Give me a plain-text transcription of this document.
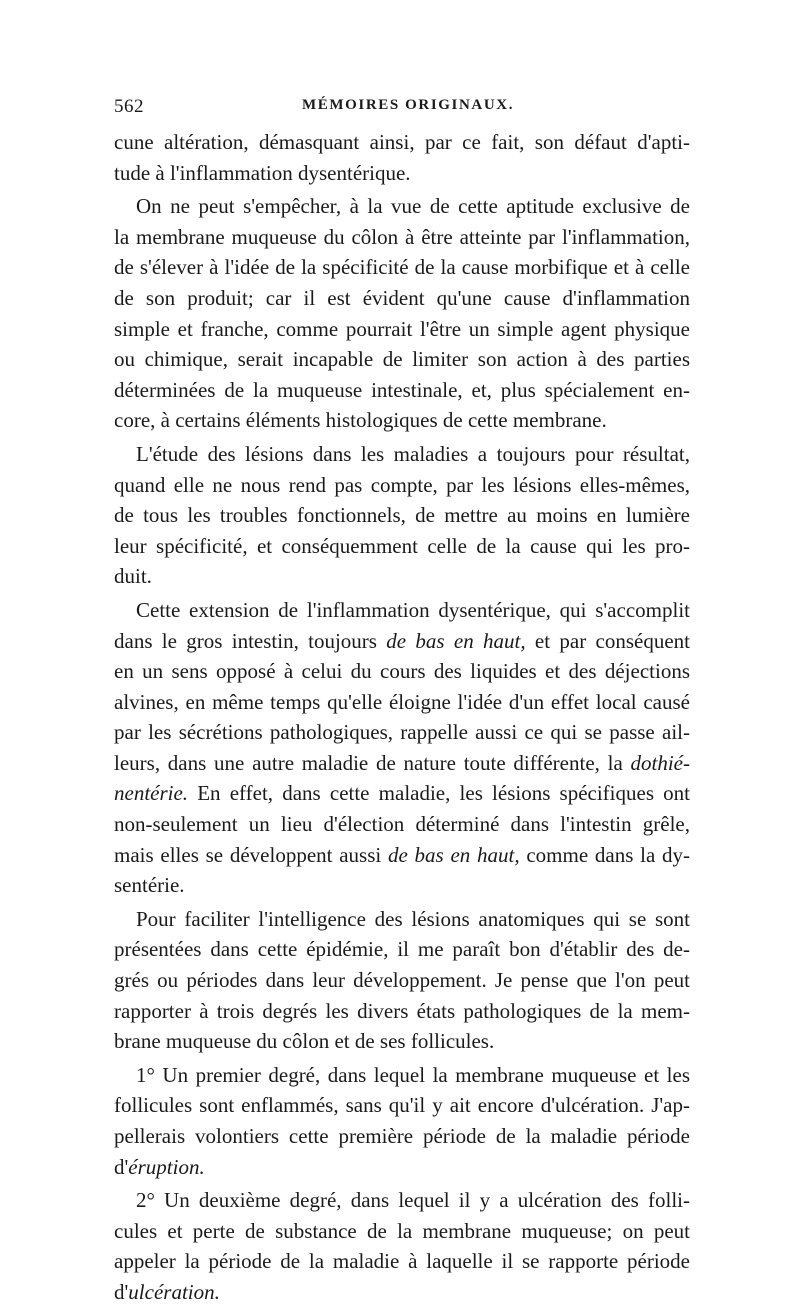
562	MÉMOIRES ORIGINAUX.
cune altération, démasquant ainsi, par ce fait, son défaut d'apti-
tude à l'inflammation dysentérique.
On ne peut s'empêcher, à la vue de cette aptitude exclusive de
la membrane muqueuse du côlon à être atteinte par l'inflammation,
de s'élever à l'idée de la spécificité de la cause morbifique et à celle
de son produit; car il est évident qu'une cause d'inflammation
simple et franche, comme pourrait l'être un simple agent physique
ou chimique, serait incapable de limiter son action à des parties
déterminées de la muqueuse intestinale, et, plus spécialement en-
core, à certains éléments histologiques de cette membrane.
L'étude des lésions dans les maladies a toujours pour résultat,
quand elle ne nous rend pas compte, par les lésions elles-mêmes,
de tous les troubles fonctionnels, de mettre au moins en lumière
leur spécificité, et conséquemment celle de la cause qui les pro-
duit.
Cette extension de l'inflammation dysentérique, qui s'accomplit
dans le gros intestin, toujours de bas en haut, et par conséquent
en un sens opposé à celui du cours des liquides et des déjections
alvines, en même temps qu'elle éloigne l'idée d'un effet local causé
par les sécrétions pathologiques, rappelle aussi ce qui se passe ail-
leurs, dans une autre maladie de nature toute différente, la dothié-
nentérie. En effet, dans cette maladie, les lésions spécifiques ont
non-seulement un lieu d'élection déterminé dans l'intestin grêle,
mais elles se développent aussi de bas en haut, comme dans la dy-
sentérie.
Pour faciliter l'intelligence des lésions anatomiques qui se sont
présentées dans cette épidémie, il me paraît bon d'établir des de-
grés ou périodes dans leur développement. Je pense que l'on peut
rapporter à trois degrés les divers états pathologiques de la mem-
brane muqueuse du côlon et de ses follicules.
1° Un premier degré, dans lequel la membrane muqueuse et les
follicules sont enflammés, sans qu'il y ait encore d'ulcération. J'ap-
pellerais volontiers cette première période de la maladie période
d'éruption.
2° Un deuxième degré, dans lequel il y a ulcération des folli-
cules et perte de substance de la membrane muqueuse; on peut
appeler la période de la maladie à laquelle il se rapporte période
d'ulcération.
